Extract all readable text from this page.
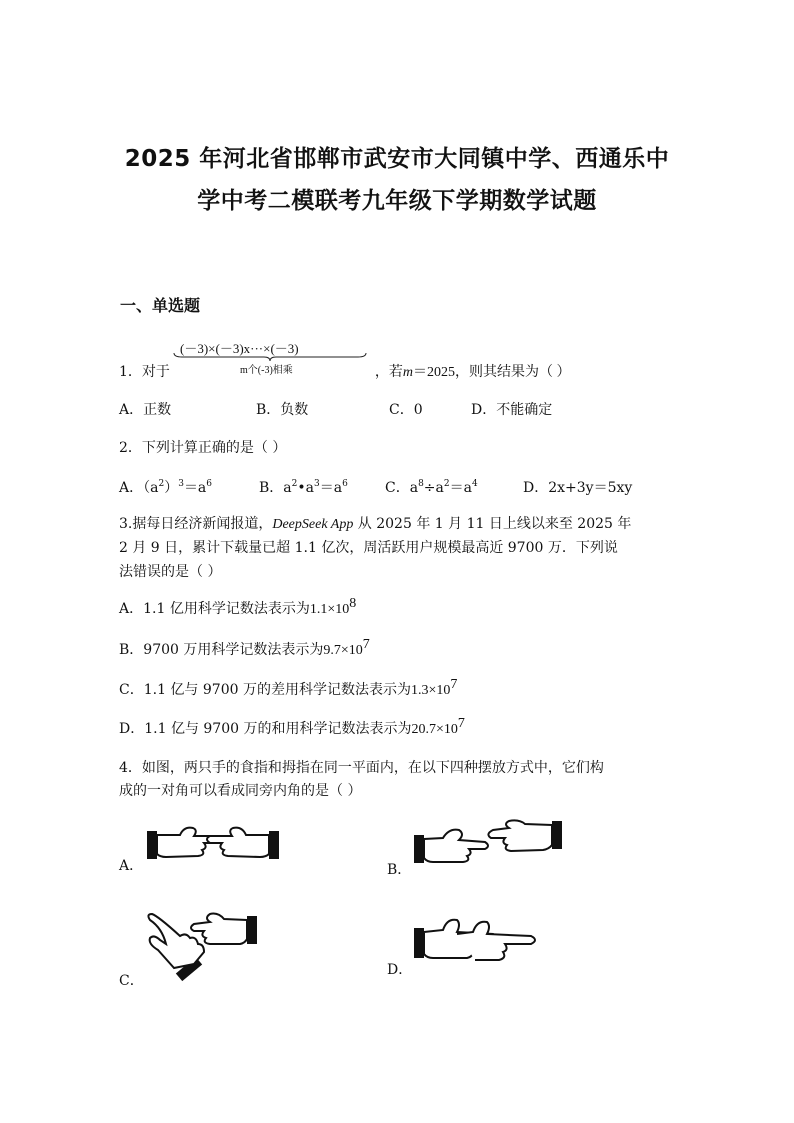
2025 年河北省邯郸市武安市大同镇中学、西通乐中
学中考二模联考九年级下学期数学试题
一、单选题
(－3)×(－3)x···×(－3)
m个(-3)相乘
1．对于	，若m＝2025，则其结果为（ ）
A．正数	B．负数	C．0	D．不能确定
2．下列计算正确的是（ ）
A．$(a^2)^3=a^6$	B．$a^2•a^3=a^6$	C．$a^8\div a^2=a^4$	D．2x+3y＝5xy
3.据每日经济新闻报道，DeepSeek App 从 2025 年 1 月 11 日上线以来至 2025 年
2 月 9 日，累计下载量已超 1.1 亿次，周活跃用户规模最高近 9700 万．下列说
法错误的是（ ）
A．1.1 亿用科学记数法表示为$1.1\times 10^8$
B．9700 万用科学记数法表示为$9.7\times 10^7$
C．1.1 亿与 9700 万的差用科学记数法表示为$1.3\times 10^7$
D．1.1 亿与 9700 万的和用科学记数法表示为$20.7\times 10^7$
4．如图，两只手的食指和拇指在同一平面内，在以下四种摆放方式中，它们构
成的一对角可以看成同旁内角的是（ ）
A．	B．
C．
D．
